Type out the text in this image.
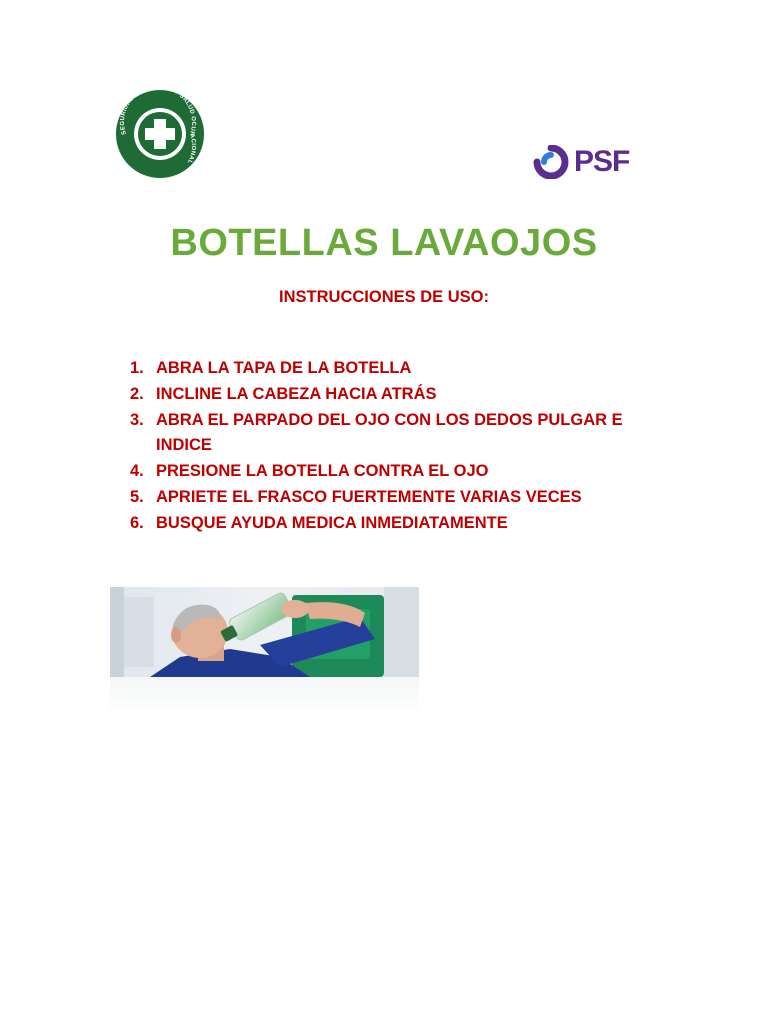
SEGURIDAD INDU L Y SALUD OCUPACIONAL	PSF
BOTELLAS LAVAOJOS
INSTRUCCIONES DE USO:
1. ABRA LA TAPA DE LA BOTELLA
2. INCLINE LA CABEZA HACIA ATRÁS
3. ABRA EL PARPADO DEL OJO CON LOS DEDOS PULGAR E INDICE
4. PRESIONE LA BOTELLA CONTRA EL OJO
5. APRIETE EL FRASCO FUERTEMENTE VARIAS VECES
6. BUSQUE AYUDA MEDICA INMEDIATAMENTE
